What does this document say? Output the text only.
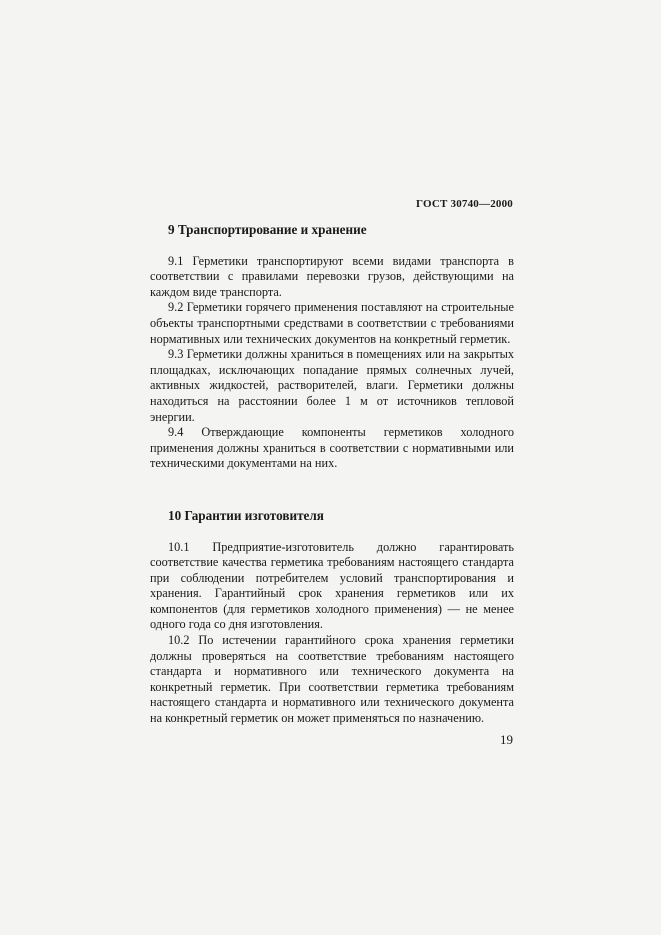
ГОСТ 30740—2000
9 Транспортирование и хранение

9.1 Герметики транспортируют всеми видами транспорта в соответствии с правилами перевозки грузов, действующими на каждом виде транспорта.

9.2 Герметики горячего применения поставляют на строительные объекты транспортными средствами в соответствии с требованиями нормативных или технических документов на конкретный герметик.

9.3 Герметики должны храниться в помещениях или на закрытых площадках, исключающих попадание прямых солнечных лучей, активных жидкостей, растворителей, влаги. Герметики должны находиться на расстоянии более 1 м от источников тепловой энергии.

9.4 Отверждающие компоненты герметиков холодного применения должны храниться в соответствии с нормативными или техническими документами на них.

10 Гарантии изготовителя

10.1 Предприятие-изготовитель должно гарантировать соответствие качества герметика требованиям настоящего стандарта при соблюдении потребителем условий транспортирования и хранения. Гарантийный срок хранения герметиков или их компонентов (для герметиков холодного применения) — не менее одного года со дня изготовления.

10.2 По истечении гарантийного срока хранения герметики должны проверяться на соответствие требованиям настоящего стандарта и нормативного или технического документа на конкретный герметик. При соответствии герметика требованиям настоящего стандарта и нормативного или технического документа на конкретный герметик он может применяться по назначению.

19
